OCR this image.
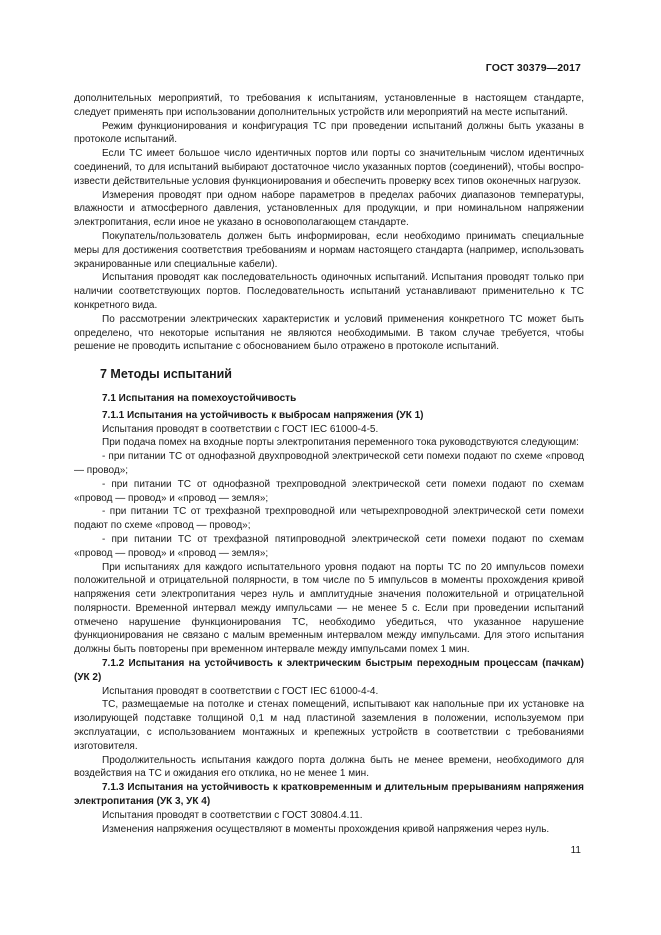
ГОСТ 30379—2017

дополнительных мероприятий, то требования к испытаниям, установленные в настоящем стандарте, следует применять при использовании дополнительных устройств или мероприятий на месте испытаний.

Режим функционирования и конфигурация ТС при проведении испытаний должны быть указаны в протоколе испытаний.

Если ТС имеет большое число идентичных портов или порты со значительным числом идентичных соединений, то для испытаний выбирают достаточное число указанных портов (соединений), чтобы воспроизвести действительные условия функционирования и обеспечить проверку всех типов оконечных нагрузок.

Измерения проводят при одном наборе параметров в пределах рабочих диапазонов температуры, влажности и атмосферного давления, установленных для продукции, и при номинальном напряжении электропитания, если иное не указано в основополагающем стандарте.

Покупатель/пользователь должен быть информирован, если необходимо принимать специальные меры для достижения соответствия требованиям и нормам настоящего стандарта (например, использовать экранированные или специальные кабели).

Испытания проводят как последовательность одиночных испытаний. Испытания проводят только при наличии соответствующих портов. Последовательность испытаний устанавливают применительно к ТС конкретного вида.

По рассмотрении электрических характеристик и условий применения конкретного ТС может быть определено, что некоторые испытания не являются необходимыми. В таком случае требуется, чтобы решение не проводить испытание с обоснованием было отражено в протоколе испытаний.

7 Методы испытаний
7.1 Испытания на помехоустойчивость
7.1.1 Испытания на устойчивость к выбросам напряжения (УК 1)

Испытания проводят в соответствии с ГОСТ IEC 61000-4-5.

При подача помех на входные порты электропитания переменного тока руководствуются следующим:

- при питании ТС от однофазной двухпроводной электрической сети помехи подают по схеме «провод — провод»;

- при питании ТС от однофазной трехпроводной электрической сети помехи подают по схемам «провод — провод» и «провод — земля»;

- при питании ТС от трехфазной трехпроводной или четырехпроводной электрической сети помехи подают по схеме «провод — провод»;

- при питании ТС от трехфазной пятипроводной электрической сети помехи подают по схемам «провод — провод» и «провод — земля»;

При испытаниях для каждого испытательного уровня подают на порты ТС по 20 импульсов помехи положительной и отрицательной полярности, в том числе по 5 импульсов в моменты прохождения кривой напряжения сети электропитания через нуль и амплитудные значения положительной и отрицательной полярности. Временной интервал между импульсами — не менее 5 с. Если при проведении испытаний отмечено нарушение функционирования ТС, необходимо убедиться, что указанное нарушение функционирования не связано с малым временным интервалом между импульсами. Для этого испытания должны быть повторены при временном интервале между импульсами помех 1 мин.

7.1.2 Испытания на устойчивость к электрическим быстрым переходным процессам (пачкам) (УК 2)

Испытания проводят в соответствии с ГОСТ IEC 61000-4-4.

ТС, размещаемые на потолке и стенах помещений, испытывают как напольные при их установке на изолирующей подставке толщиной 0,1 м над пластиной заземления в положении, используемом при эксплуатации, с использованием монтажных и крепежных устройств в соответствии с требованиями изготовителя.

Продолжительность испытания каждого порта должна быть не менее времени, необходимого для воздействия на ТС и ожидания его отклика, но не менее 1 мин.

7.1.3 Испытания на устойчивость к кратковременным и длительным прерываниям напряжения электропитания (УК 3, УК 4)

Испытания проводят в соответствии с ГОСТ 30804.4.11.

Изменения напряжения осуществляют в моменты прохождения кривой напряжения через нуль.

11
